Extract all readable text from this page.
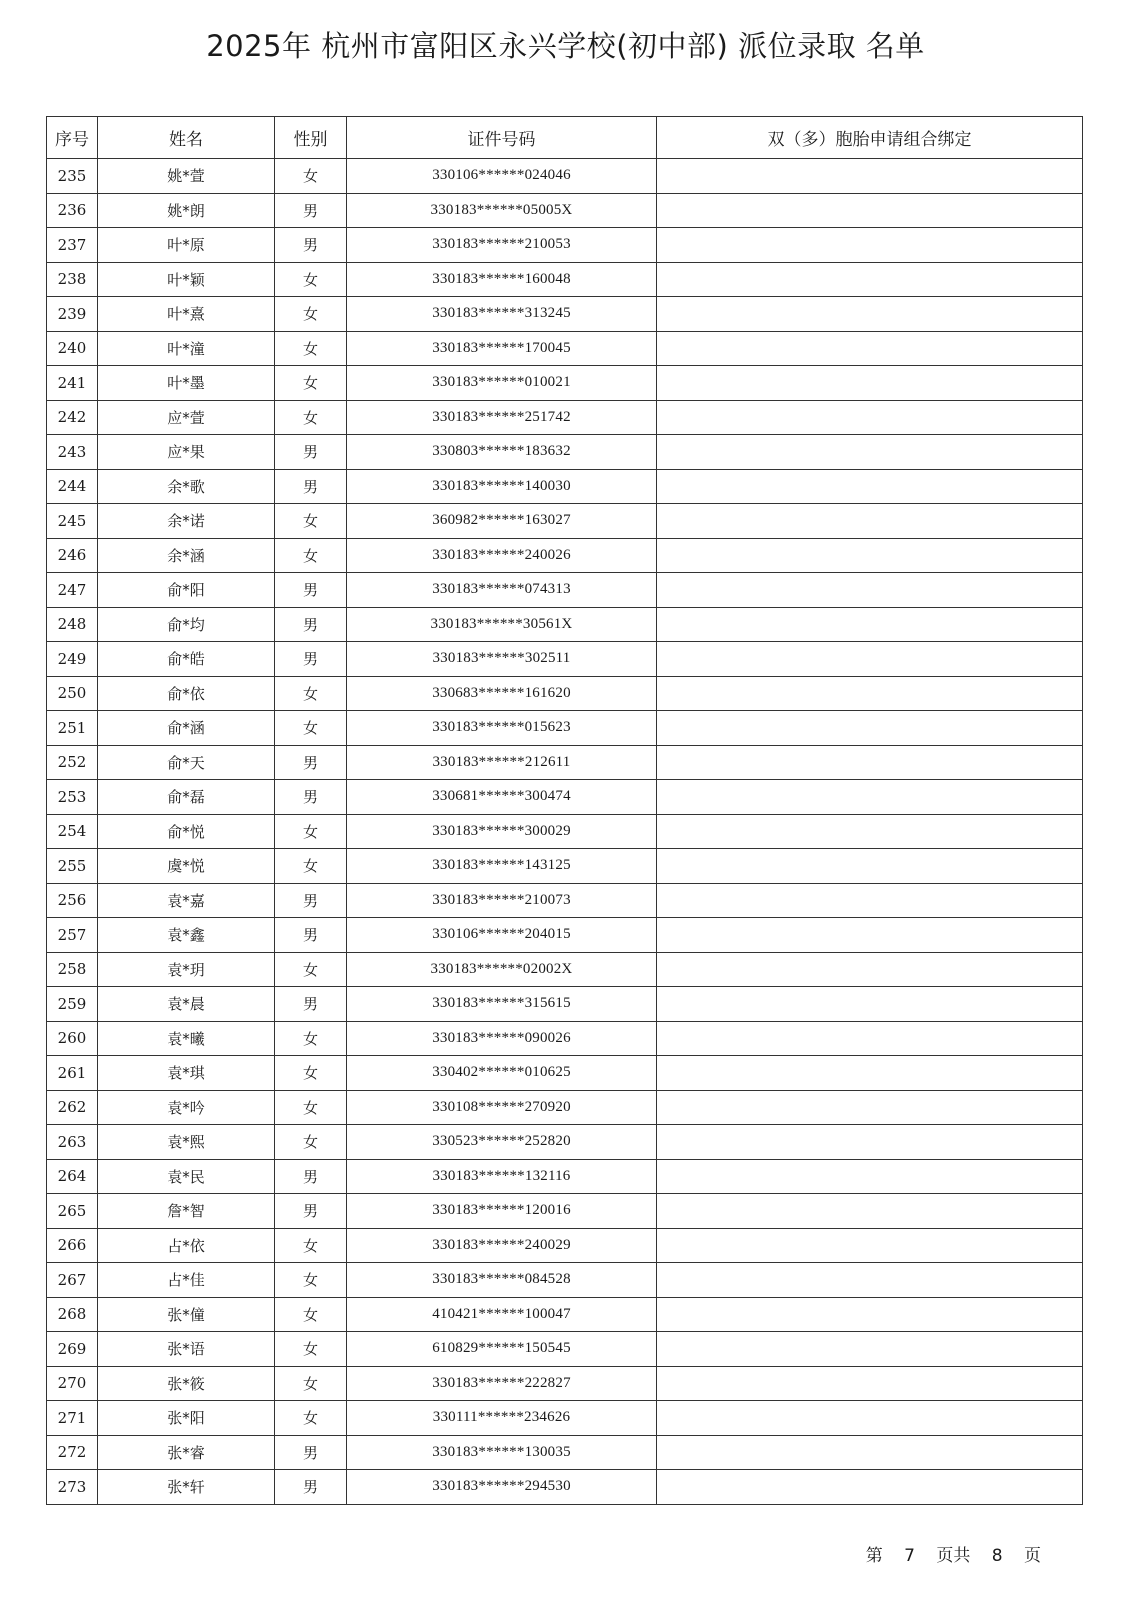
2025年 杭州市富阳区永兴学校(初中部) 派位录取 名单
序号	姓名	性别	证件号码	双（多）胞胎申请组合绑定
235	姚*萱	女	330106******024046	
236	姚*朗	男	330183******05005X	
237	叶*原	男	330183******210053	
238	叶*颖	女	330183******160048	
239	叶*熹	女	330183******313245	
240	叶*潼	女	330183******170045	
241	叶*墨	女	330183******010021	
242	应*萱	女	330183******251742	
243	应*果	男	330803******183632	
244	余*歌	男	330183******140030	
245	余*诺	女	360982******163027	
246	余*涵	女	330183******240026	
247	俞*阳	男	330183******074313	
248	俞*均	男	330183******30561X	
249	俞*皓	男	330183******302511	
250	俞*依	女	330683******161620	
251	俞*涵	女	330183******015623	
252	俞*天	男	330183******212611	
253	俞*磊	男	330681******300474	
254	俞*悦	女	330183******300029	
255	虞*悦	女	330183******143125	
256	袁*嘉	男	330183******210073	
257	袁*鑫	男	330106******204015	
258	袁*玥	女	330183******02002X	
259	袁*晨	男	330183******315615	
260	袁*曦	女	330183******090026	
261	袁*琪	女	330402******010625	
262	袁*吟	女	330108******270920	
263	袁*熙	女	330523******252820	
264	袁*民	男	330183******132116	
265	詹*智	男	330183******120016	
266	占*依	女	330183******240029	
267	占*佳	女	330183******084528	
268	张*僮	女	410421******100047	
269	张*语	女	610829******150545	
270	张*筱	女	330183******222827	
271	张*阳	女	330111******234626	
272	张*睿	男	330183******130035	
273	张*轩	男	330183******294530	
第 7 页共 8 页
